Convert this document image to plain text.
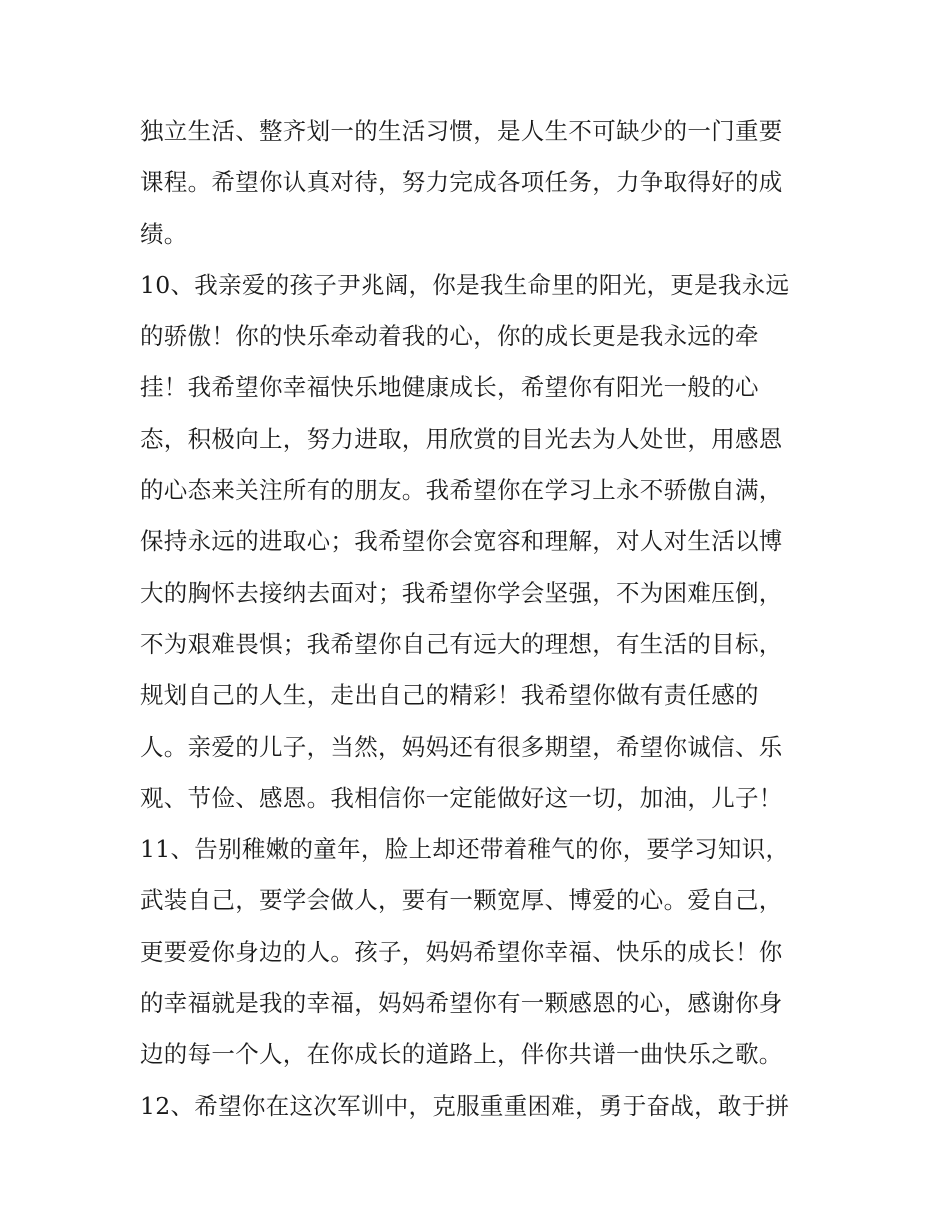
独立生活、整齐划一的生活习惯，是人生不可缺少的一门重要
课程。希望你认真对待，努力完成各项任务，力争取得好的成
绩。
10、我亲爱的孩子尹兆阔，你是我生命里的阳光，更是我永远
的骄傲！你的快乐牵动着我的心，你的成长更是我永远的牵
挂！我希望你幸福快乐地健康成长，希望你有阳光一般的心
态，积极向上，努力进取，用欣赏的目光去为人处世，用感恩
的心态来关注所有的朋友。我希望你在学习上永不骄傲自满，
保持永远的进取心；我希望你会宽容和理解，对人对生活以博
大的胸怀去接纳去面对；我希望你学会坚强，不为困难压倒，
不为艰难畏惧；我希望你自己有远大的理想，有生活的目标，
规划自己的人生，走出自己的精彩！我希望你做有责任感的
人。亲爱的儿子，当然，妈妈还有很多期望，希望你诚信、乐
观、节俭、感恩。我相信你一定能做好这一切，加油，儿子！
11、告别稚嫩的童年，脸上却还带着稚气的你，要学习知识，
武装自己，要学会做人，要有一颗宽厚、博爱的心。爱自己，
更要爱你身边的人。孩子，妈妈希望你幸福、快乐的成长！你
的幸福就是我的幸福，妈妈希望你有一颗感恩的心，感谢你身
边的每一个人，在你成长的道路上，伴你共谱一曲快乐之歌。
12、希望你在这次军训中，克服重重困难，勇于奋战，敢于拼
